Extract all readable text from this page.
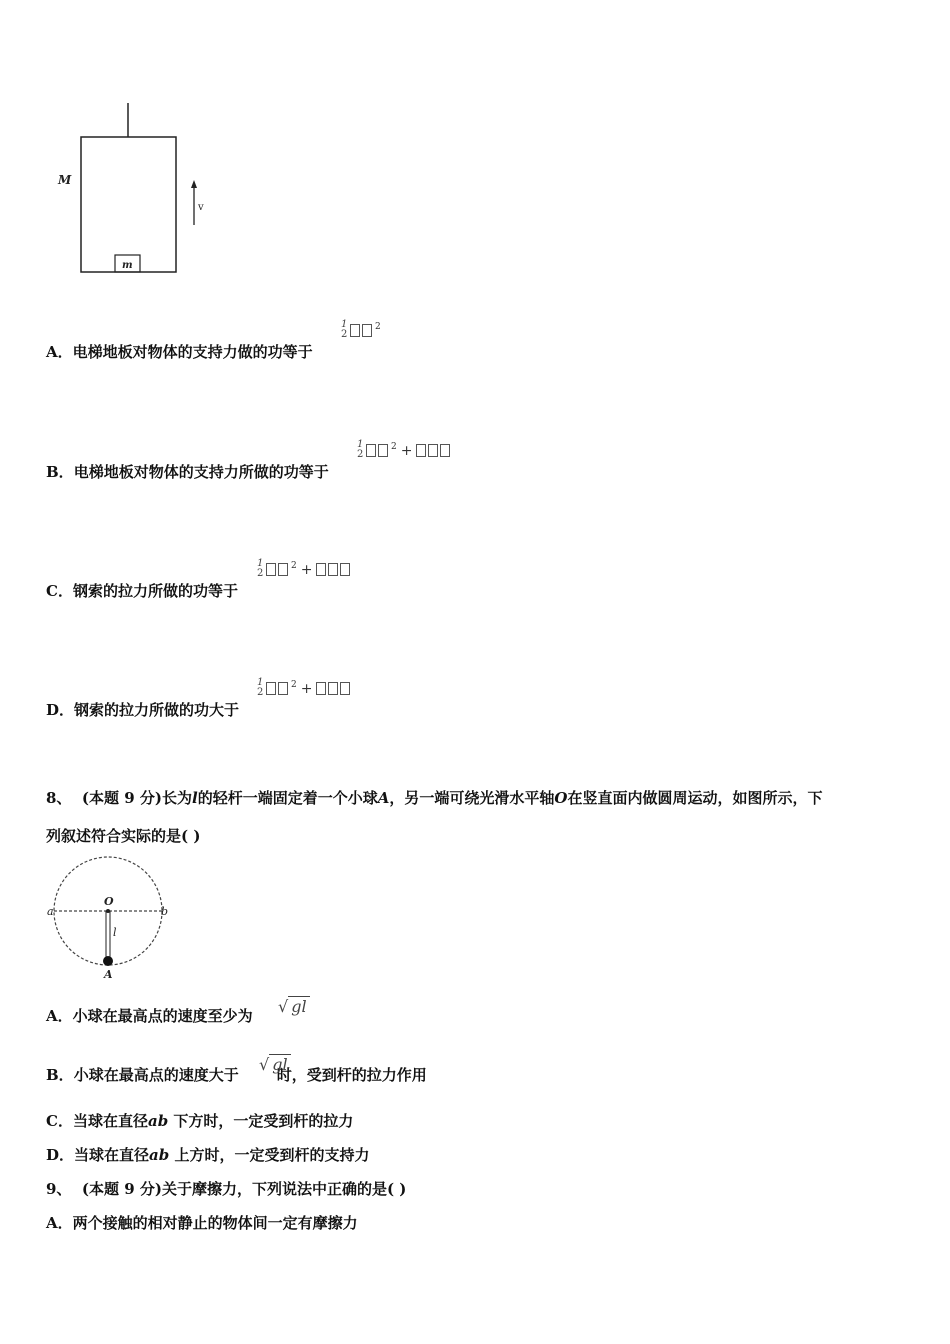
M
m
v
A．电梯地板对物体的支持力做的功等于
1
2
$^2$
B．电梯地板对物体的支持力所做的功等于
1
2
$^2$ +
C．钢索的拉力所做的功等于
1
2
$^2$ +
D．钢索的拉力所做的功大于
1
2
$^2$ +
8、 (本题 9 分)长为l的轻杆一端固定着一个小球A，另一端可绕光滑水平轴O在竖直面内做圆周运动，如图所示，下
列叙述符合实际的是( )
a	b
O
l
A
A．小球在最高点的速度至少为 √ gl
B．小球在最高点的速度大于	时，受到杆的拉力作用
√ gl
C．当球在直径ab 下方时，一定受到杆的拉力
D．当球在直径ab 上方时，一定受到杆的支持力
9、 (本题 9 分)关于摩擦力，下列说法中正确的是( )
A．两个接触的相对静止的物体间一定有摩擦力
